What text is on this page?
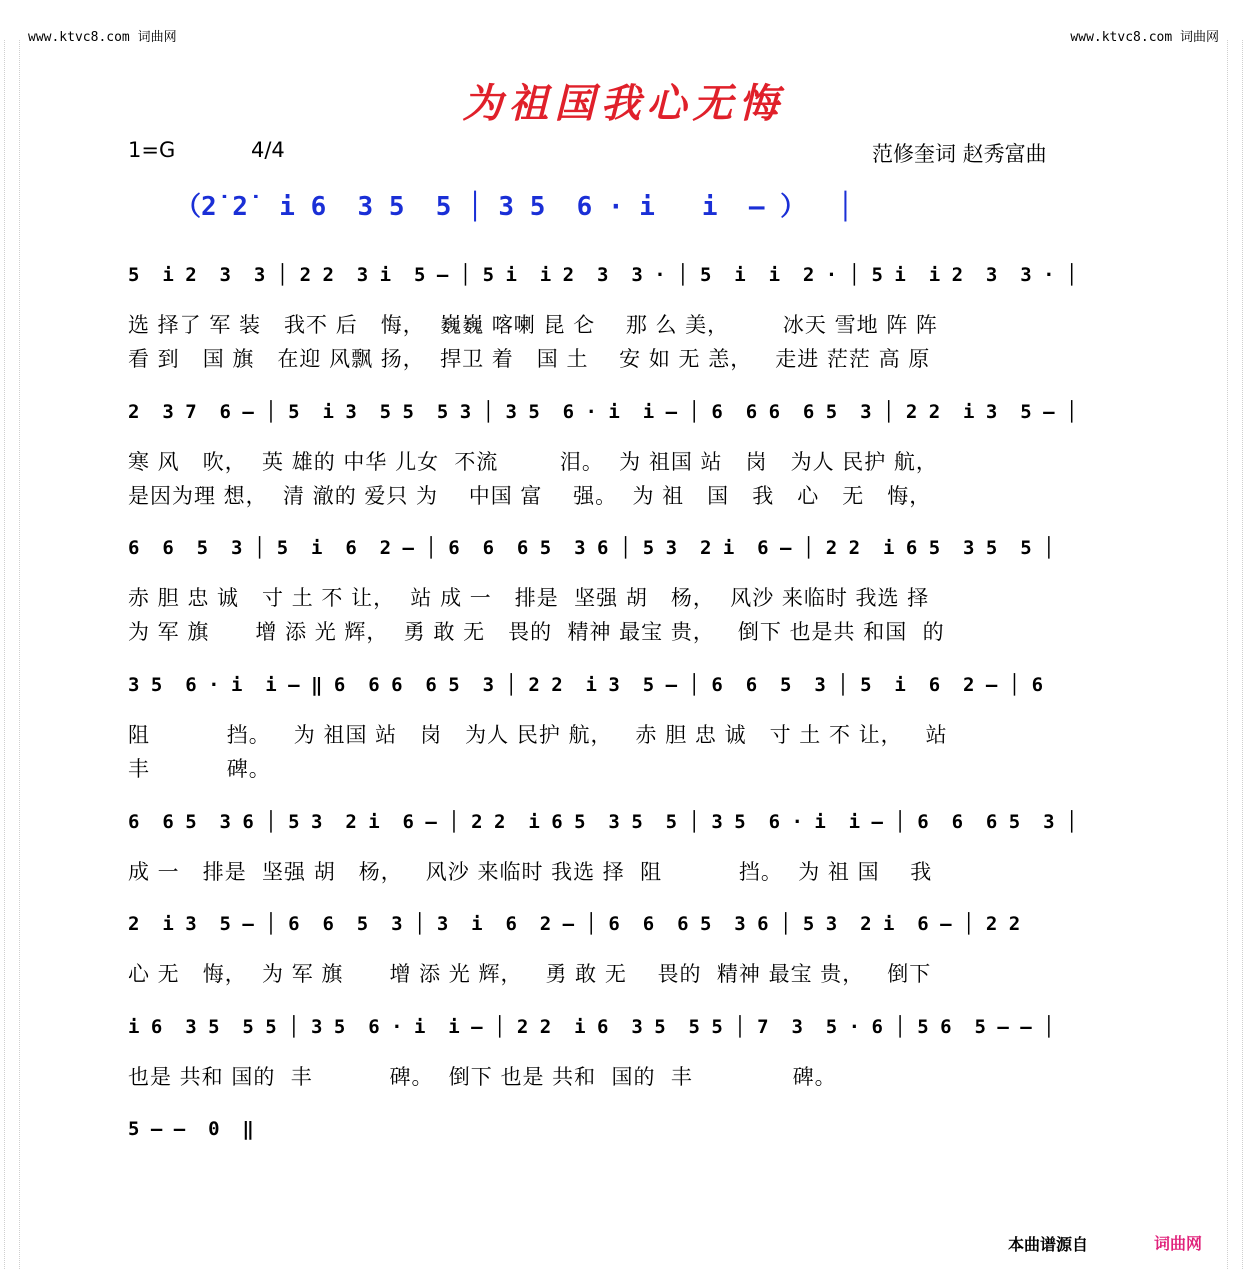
www.ktvc8.com 词曲网	www.ktvc8.com 词曲网
为祖国我心无悔
1=G	4/4	范修奎词 赵秀富曲
（2̇ 2̇  i 6  3 5  5 │ 3 5  6 · i   i  — ）  │
5  i 2  3  3 │ 2 2  3 i  5 — │ 5 i  i 2  3  3 · │ 5  i  i  2 · │ 5 i  i 2  3  3 · │
选 择了 军 装   我不 后   悔，  巍巍 喀喇 昆 仑    那 么 美，       冰天 雪地 阵 阵
看 到   国 旗   在迎 风飘 扬，  捍卫 着   国 土    安 如 无 恙，   走进 茫茫 高 原
2  3 7  6 — │ 5  i 3  5 5  5 3 │ 3 5  6 · i  i — │ 6  6 6  6 5  3 │ 2 2  i 3  5 — │
寒 风   吹，  英 雄的 中华 儿女  不流        泪。  为 祖国 站   岗   为人 民护 航，
是因为理 想，  清 澈的 爱只 为    中国 富    强。  为 祖   国   我   心   无   悔，
6  6  5  3 │ 5  i  6  2 — │ 6  6  6 5  3 6 │ 5 3  2 i  6 — │ 2 2  i 6 5  3 5  5 │
赤 胆 忠 诚   寸 土 不 让，  站 成 一   排是  坚强 胡   杨，  风沙 来临时 我选 择
为 军 旗      增 添 光 辉，  勇 敢 无   畏的  精神 最宝 贵，   倒下 也是共 和国  的
3 5  6 · i  i — ‖ 6  6 6  6 5  3 │ 2 2  i 3  5 — │ 6  6  5  3 │ 5  i  6  2 — │ 6
阻          挡。   为 祖国 站   岗   为人 民护 航，   赤 胆 忠 诚   寸 土 不 让，   站
丰          碑。
6  6 5  3 6 │ 5 3  2 i  6 — │ 2 2  i 6 5  3 5  5 │ 3 5  6 · i  i — │ 6  6  6 5  3 │
成 一   排是  坚强 胡   杨，   风沙 来临时 我选 择  阻          挡。  为 祖 国    我
2  i 3  5 — │ 6  6  5  3 │ 3  i  6  2 — │ 6  6  6 5  3 6 │ 5 3  2 i  6 — │ 2 2
心 无   悔，  为 军 旗      增 添 光 辉，   勇 敢 无    畏的  精神 最宝 贵，   倒下
i 6  3 5  5 5 │ 3 5  6 · i  i — │ 2 2  i 6  3 5  5 5 │ 7  3  5 · 6 │ 5 6  5 — — │
也是 共和 国的  丰          碑。  倒下 也是 共和  国的  丰             碑。
5 — —  0  ‖
本曲谱源自	词曲网
